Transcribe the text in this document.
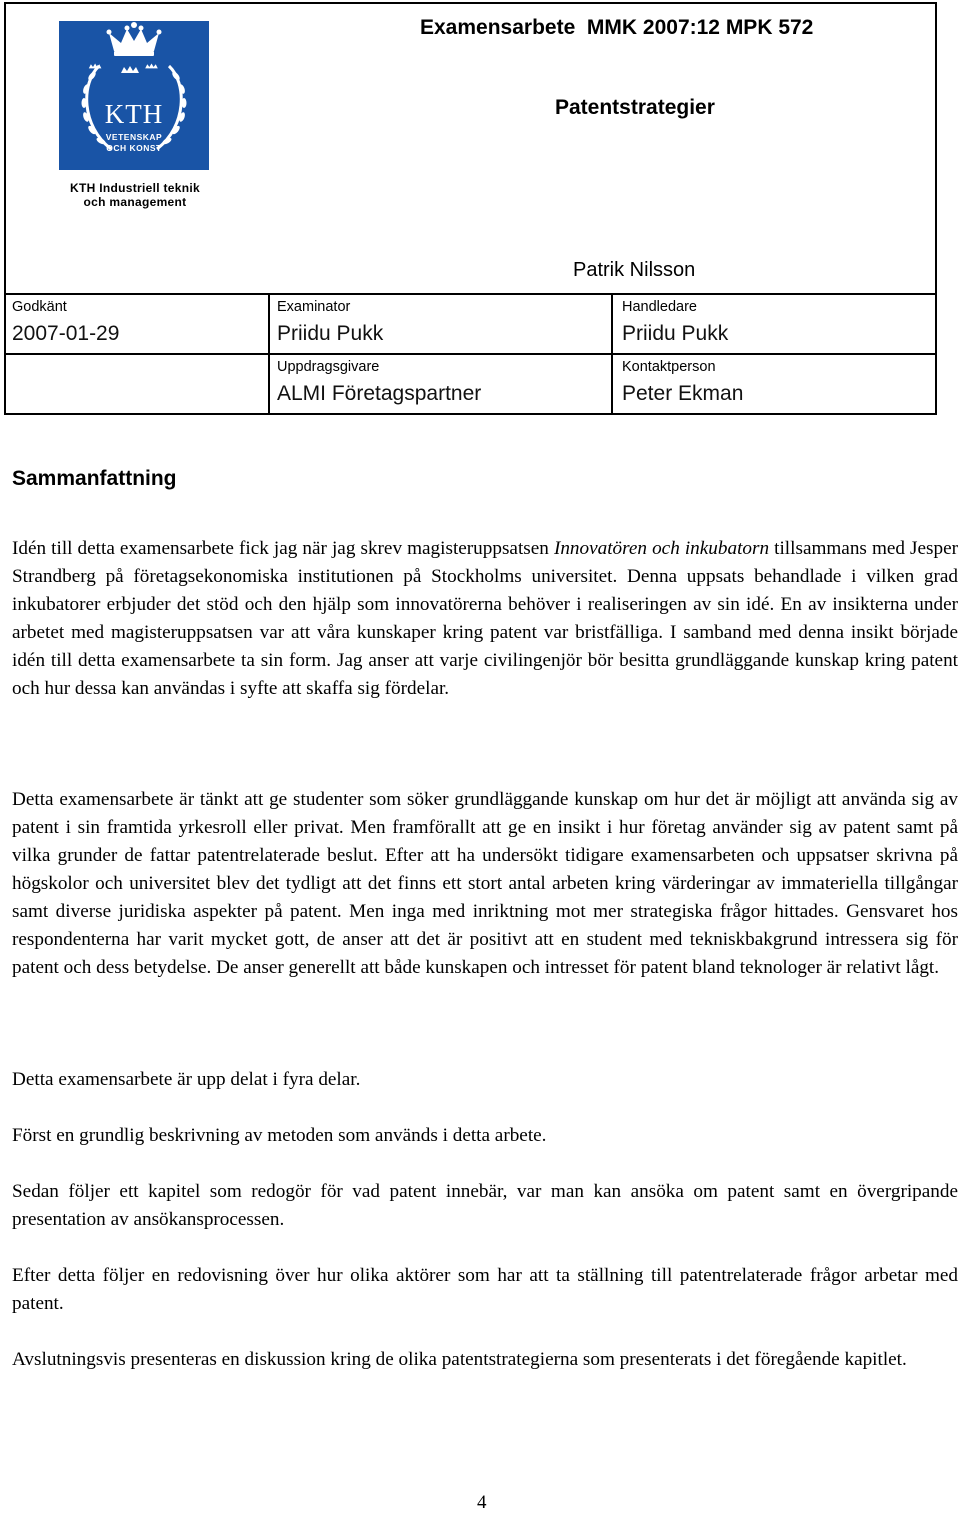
KTH
VETENSKAP
OCH KONST
KTH Industriell teknik
och management
Examensarbete  MMK 2007:12 MPK 572
Patentstrategier
Patrik Nilsson
Godkänt
2007-01-29
Examinator
Priidu Pukk
Handledare
Priidu Pukk
Uppdragsgivare
ALMI Företagspartner
Kontaktperson
Peter Ekman
Sammanfattning

Idén till detta examensarbete fick jag när jag skrev magisteruppsatsen Innovatören och inkubatorn tillsammans med Jesper Strandberg på företagsekonomiska institutionen på Stockholms universitet. Denna uppsats behandlade i vilken grad inkubatorer erbjuder det stöd och den hjälp som innovatörerna behöver i realiseringen av sin idé. En av insikterna under arbetet med magisteruppsatsen var att våra kunskaper kring patent var bristfälliga. I samband med denna insikt började idén till detta examensarbete ta sin form. Jag anser att varje civilingenjör bör besitta grundläggande kunskap kring patent och hur dessa kan användas i syfte att skaffa sig fördelar.

Detta examensarbete är tänkt att ge studenter som söker grundläggande kunskap om hur det är möjligt att använda sig av patent i sin framtida yrkesroll eller privat. Men framförallt att ge en insikt i hur företag använder sig av patent samt på vilka grunder de fattar patentrelaterade beslut. Efter att ha undersökt tidigare examensarbeten och uppsatser skrivna på högskolor och universitet blev det tydligt att det finns ett stort antal arbeten kring värderingar av immateriella tillgångar samt diverse juridiska aspekter på patent. Men inga med inriktning mot mer strategiska frågor hittades. Gensvaret hos respondenterna har varit mycket gott, de anser att det är positivt att en student med tekniskbakgrund intressera sig för patent och dess betydelse. De anser generellt att både kunskapen och intresset för patent bland teknologer är relativt lågt.

Detta examensarbete är upp delat i fyra delar.

Först en grundlig beskrivning av metoden som används i detta arbete.

Sedan följer ett kapitel som redogör för vad patent innebär, var man kan ansöka om patent samt en övergripande presentation av ansökansprocessen.

Efter detta följer en redovisning över hur olika aktörer som har att ta ställning till patentrelaterade frågor arbetar med patent.

Avslutningsvis presenteras en diskussion kring de olika patentstrategierna som presenterats i det föregående kapitlet.

4
